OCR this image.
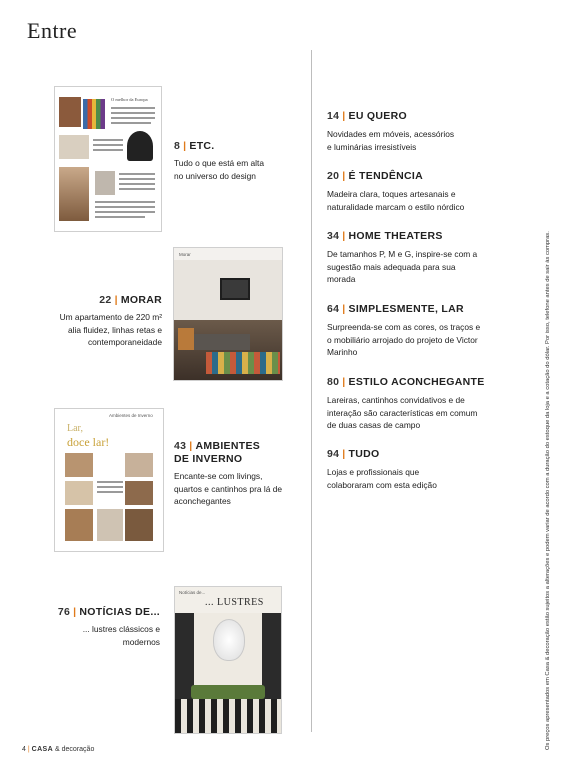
Entre
O melhor da Europa
Morar
Ambientes de Inverno
Lar,
doce lar!
Notícias de...
... LUSTRES
8 | ETC.
Tudo o que está em alta no universo do design
22 | MORAR
Um apartamento de 220 m² alia fluidez, linhas retas e contemporaneidade
43 | AMBIENTES DE INVERNO
Encante-se com livings, quartos e cantinhos pra lá de aconchegantes
76 | NOTÍCIAS DE...
... lustres clássicos e modernos
14 | EU QUERO
Novidades em móveis, acessórios e luminárias irresistíveis
20 | É TENDÊNCIA
Madeira clara, toques artesanais e naturalidade marcam o estilo nórdico
34 | HOME THEATERS
De tamanhos P, M e G, inspire-se com a sugestão mais adequada para sua morada
64 | SIMPLESMENTE, LAR
Surpreenda-se com as cores, os traços e o mobiliário arrojado do projeto de Victor Marinho
80 | ESTILO ACONCHEGANTE
Lareiras, cantinhos convidativos e de interação são características em comum de duas casas de campo
94 | TUDO
Lojas e profissionais que colaboraram com esta edição	Os preços apresentados em Casa & decoração estão sujeitos a alterações e podem variar de acordo com a duração do estoque da loja e a cotação do dólar. Por isso, telefone antes de sair às compras.
4 | CASA & decoração
